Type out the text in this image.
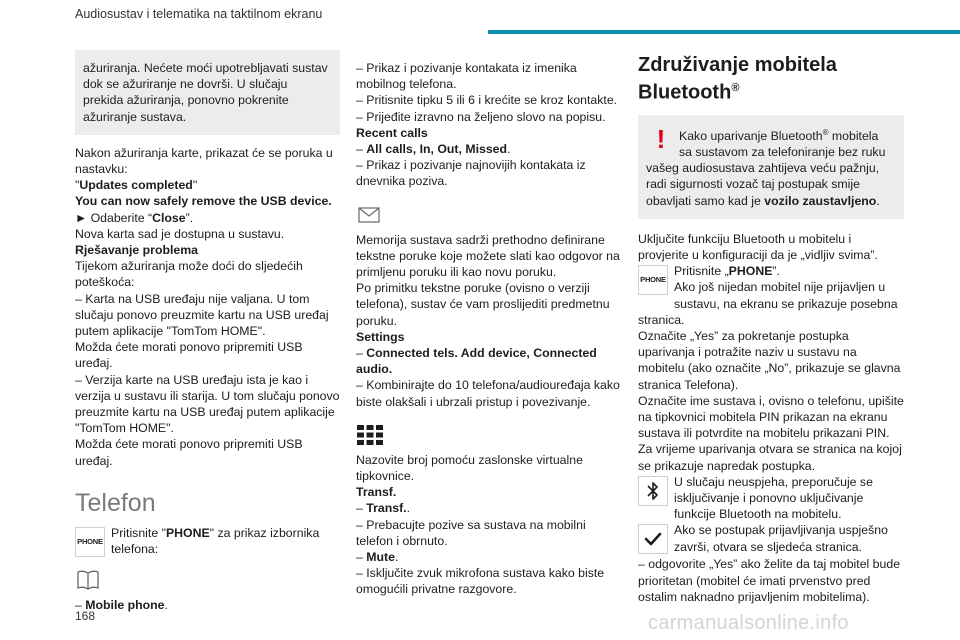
Audiosustav i telematika na taktilnom ekranu

ažuriranja. Nećete moći upotrebljavati sustav dok se ažuriranje ne dovrši. U slučaju prekida ažuriranja, ponovno pokrenite ažuriranje sustava.

Nakon ažuriranja karte, prikazat će se poruka u nastavku:

"Updates completed"

You can now safely remove the USB device.

► Odaberite “Close”.

Nova karta sad je dostupna u sustavu.

Rješavanje problema

Tijekom ažuriranja može doći do sljedećih poteškoća:

– Karta na USB uređaju nije valjana. U tom slučaju ponovo preuzmite kartu na USB uređaj putem aplikacije "TomTom HOME".

Možda ćete morati ponovo pripremiti USB uređaj.

– Verzija karte na USB uređaju ista je kao i verzija u sustavu ili starija. U tom slučaju ponovo preuzmite kartu na USB uređaj putem aplikacije "TomTom HOME".

Možda ćete morati ponovo pripremiti USB uređaj.

Telefon
PHONE

Pritisnite "PHONE" za prikaz izbornika telefona:

– Mobile phone.

– Prikaz i pozivanje kontakata iz imenika mobilnog telefona.

– Pritisnite tipku 5 ili 6 i krećite se kroz kontakte.

– Prijeđite izravno na željeno slovo na popisu.

Recent calls

– All calls, In, Out, Missed.

– Prikaz i pozivanje najnovijih kontakata iz dnevnika poziva.

Memorija sustava sadrži prethodno definirane tekstne poruke koje možete slati kao odgovor na primljenu poruku ili kao novu poruku.

Po primitku tekstne poruke (ovisno o verziji telefona), sustav će vam proslijediti predmetnu poruku.

Settings

– Connected tels. Add device, Connected audio.

– Kombinirajte do 10 telefona/audiouređaja kako biste olakšali i ubrzali pristup i povezivanje.

Nazovite broj pomoću zaslonske virtualne tipkovnice.

Transf.

– Transf..

– Prebacujte pozive sa sustava na mobilni telefon i obrnuto.

– Mute.

– Isključite zvuk mikrofona sustava kako biste omogućili privatne razgovore.

Združivanje mobitela Bluetooth®
!	Kako uparivanje Bluetooth® mobitela sa sustavom za telefoniranje bez ruku vašeg audiosustava zahtijeva veću pažnju, radi sigurnosti vozač taj postupak smije obavljati samo kad je vozilo zaustavljeno.

Uključite funkciju Bluetooth u mobitelu i provjerite u konfiguraciji da je „vidljiv svima”.

PHONE

Pritisnite „PHONE”.

Ako još nijedan mobitel nije prijavljen u sustavu, na ekranu se prikazuje posebna stranica.

Označite „Yes” za pokretanje postupka uparivanja i potražite naziv u sustavu na mobitelu (ako označite „No”, prikazuje se glavna stranica Telefona).

Označite ime sustava i, ovisno o telefonu, upišite na tipkovnici mobitela PIN prikazan na ekranu sustava ili potvrdite na mobitelu prikazani PIN.

Za vrijeme uparivanja otvara se stranica na kojoj se prikazuje napredak postupka.

U slučaju neuspjeha, preporučuje se isključivanje i ponovno uključivanje funkcije Bluetooth na mobitelu.

Ako se postupak prijavljivanja uspješno završi, otvara se sljedeća stranica.

– odgovorite „Yes” ako želite da taj mobitel bude prioritetan (mobitel će imati prvenstvo pred ostalim naknadno prijavljenim mobitelima).

168	carmanualsonline.info
